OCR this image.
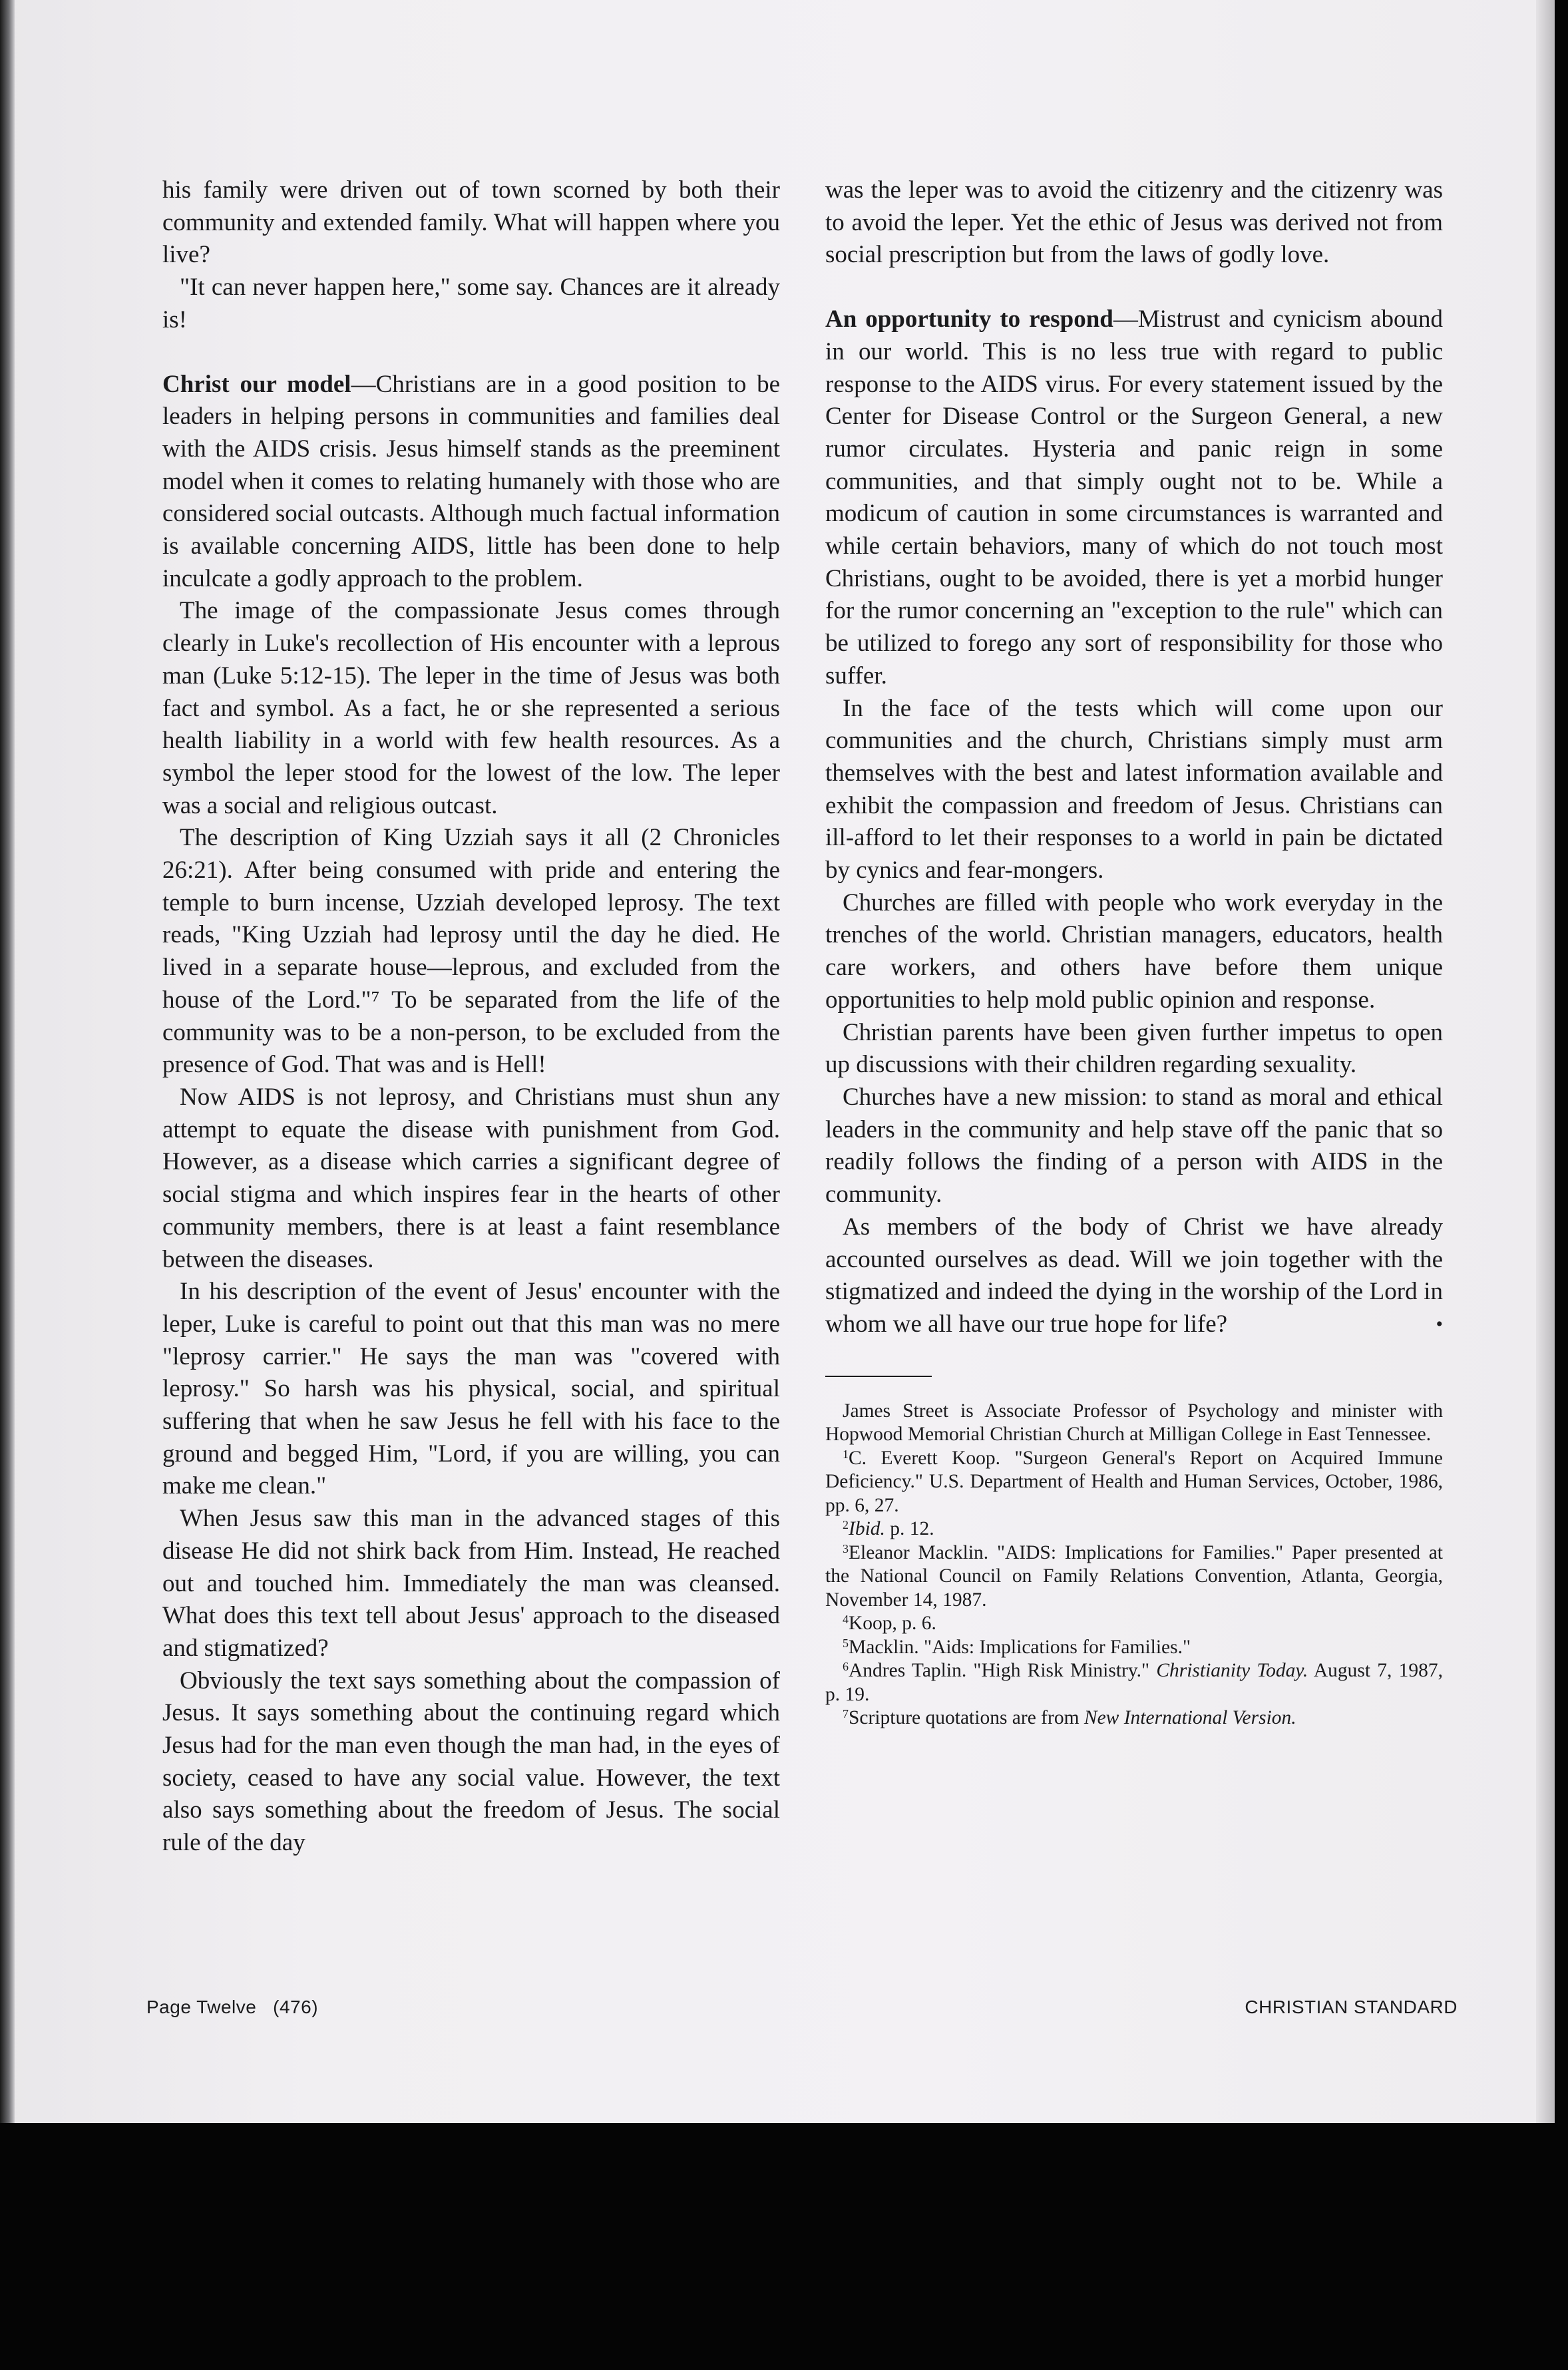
his family were driven out of town scorned by both their community and extended family. What will happen where you live?

"It can never happen here," some say. Chances are it already is!

Christ our model—Christians are in a good position to be leaders in helping persons in communities and families deal with the AIDS crisis. Jesus himself stands as the preeminent model when it comes to relating humanely with those who are considered social outcasts. Although much factual information is available concerning AIDS, little has been done to help inculcate a godly approach to the problem.

The image of the compassionate Jesus comes through clearly in Luke's recollection of His encounter with a leprous man (Luke 5:12-15). The leper in the time of Jesus was both fact and symbol. As a fact, he or she represented a serious health liability in a world with few health resources. As a symbol the leper stood for the lowest of the low. The leper was a social and religious outcast.

The description of King Uzziah says it all (2 Chronicles 26:21). After being consumed with pride and entering the temple to burn incense, Uzziah developed leprosy. The text reads, "King Uzziah had leprosy until the day he died. He lived in a separate house—leprous, and excluded from the house of the Lord."⁷ To be separated from the life of the community was to be a non-person, to be excluded from the presence of God. That was and is Hell!

Now AIDS is not leprosy, and Christians must shun any attempt to equate the disease with punishment from God. However, as a disease which carries a significant degree of social stigma and which inspires fear in the hearts of other community members, there is at least a faint resemblance between the diseases.

In his description of the event of Jesus' encounter with the leper, Luke is careful to point out that this man was no mere "leprosy carrier." He says the man was "covered with leprosy." So harsh was his physical, social, and spiritual suffering that when he saw Jesus he fell with his face to the ground and begged Him, "Lord, if you are willing, you can make me clean."

When Jesus saw this man in the advanced stages of this disease He did not shirk back from Him. Instead, He reached out and touched him. Immediately the man was cleansed. What does this text tell about Jesus' approach to the diseased and stigmatized?

Obviously the text says something about the compassion of Jesus. It says something about the continuing regard which Jesus had for the man even though the man had, in the eyes of society, ceased to have any social value. However, the text also says something about the freedom of Jesus. The social rule of the day

was the leper was to avoid the citizenry and the citizenry was to avoid the leper. Yet the ethic of Jesus was derived not from social prescription but from the laws of godly love.

An opportunity to respond—Mistrust and cynicism abound in our world. This is no less true with regard to public response to the AIDS virus. For every statement issued by the Center for Disease Control or the Surgeon General, a new rumor circulates. Hysteria and panic reign in some communities, and that simply ought not to be. While a modicum of caution in some circumstances is warranted and while certain behaviors, many of which do not touch most Christians, ought to be avoided, there is yet a morbid hunger for the rumor concerning an "exception to the rule" which can be utilized to forego any sort of responsibility for those who suffer.

In the face of the tests which will come upon our communities and the church, Christians simply must arm themselves with the best and latest information available and exhibit the compassion and freedom of Jesus. Christians can ill-afford to let their responses to a world in pain be dictated by cynics and fear-mongers.

Churches are filled with people who work everyday in the trenches of the world. Christian managers, educators, health care workers, and others have before them unique opportunities to help mold public opinion and response.

Christian parents have been given further impetus to open up discussions with their children regarding sexuality.

Churches have a new mission: to stand as moral and ethical leaders in the community and help stave off the panic that so readily follows the finding of a person with AIDS in the community.

As members of the body of Christ we have already accounted ourselves as dead. Will we join together with the stigmatized and indeed the dying in the worship of the Lord in whom we all have our true hope for life?	•

James Street is Associate Professor of Psychology and minister with Hopwood Memorial Christian Church at Milligan College in East Tennessee.

$^1$C. Everett Koop. "Surgeon General's Report on Acquired Immune Deficiency." U.S. Department of Health and Human Services, October, 1986, pp. 6, 27.

$^2$Ibid. p. 12.

$^3$Eleanor Macklin. "AIDS: Implications for Families." Paper presented at the National Council on Family Relations Convention, Atlanta, Georgia, November 14, 1987.

$^4$Koop, p. 6.

$^5$Macklin. "Aids: Implications for Families."

$^6$Andres Taplin. "High Risk Ministry." Christianity Today. August 7, 1987, p. 19.

$^7$Scripture quotations are from New International Version.

Page Twelve   (476)	CHRISTIAN STANDARD
